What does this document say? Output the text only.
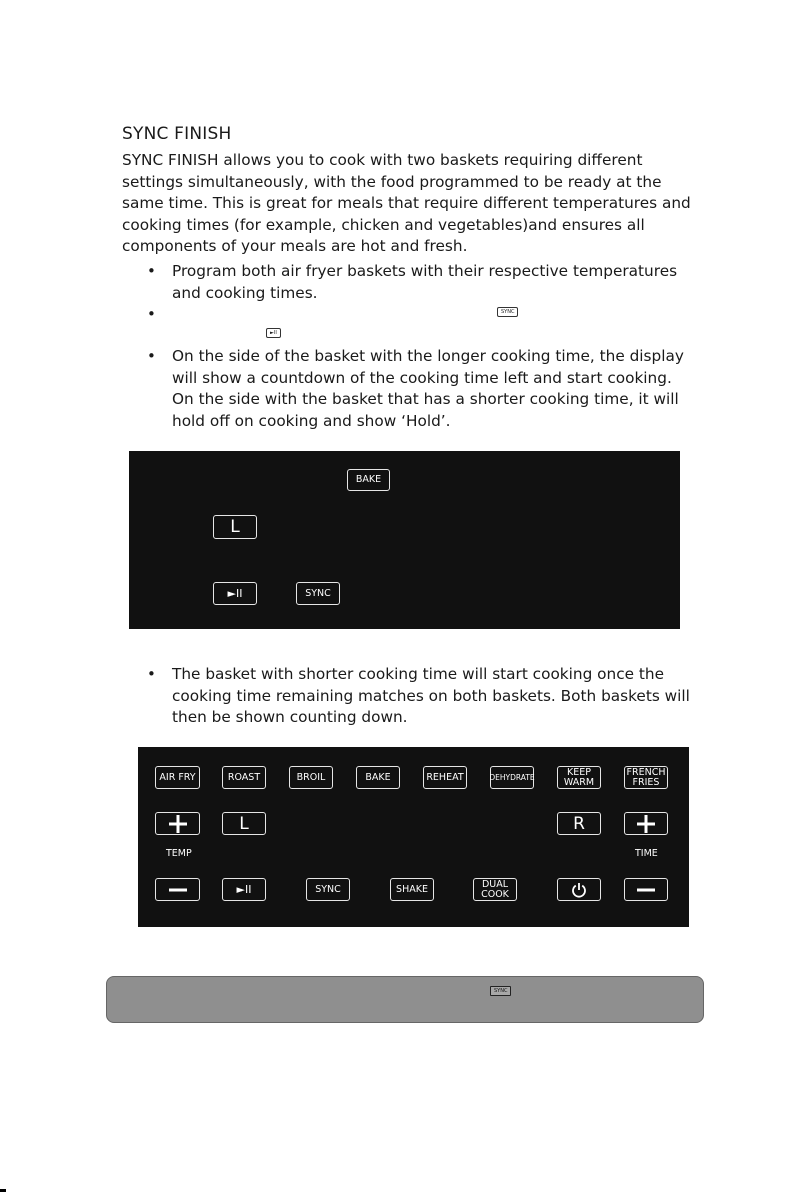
SYNC FINISH
SYNC FINISH allows you to cook with two baskets requiring different settings simultaneously, with the food programmed to be ready at the same time. This is great for meals that require different temperatures and cooking times (for example, chicken and vegetables)and ensures all components of your meals are hot and fresh.
• Program both air fryer baskets with their respective temperatures and cooking times.
•	SYNC
►II
• On the side of the basket with the longer cooking time, the display will show a countdown of the cooking time left and start cooking. On the side with the basket that has a shorter cooking time, it will hold off on cooking and show ‘Hold’.
BAKE
L
►II	SYNC
• The basket with shorter cooking time will start cooking once the cooking time remaining matches on both baskets. Both baskets will then be shown counting down.
AIR FRY	ROAST	BROIL	BAKE	REHEAT	DEHYDRATE	KEEP
WARM
FRENCH
FRIES
L	R
TEMP	TIME
►II	SYNC	SHAKE	DUAL
COOK
SYNC
